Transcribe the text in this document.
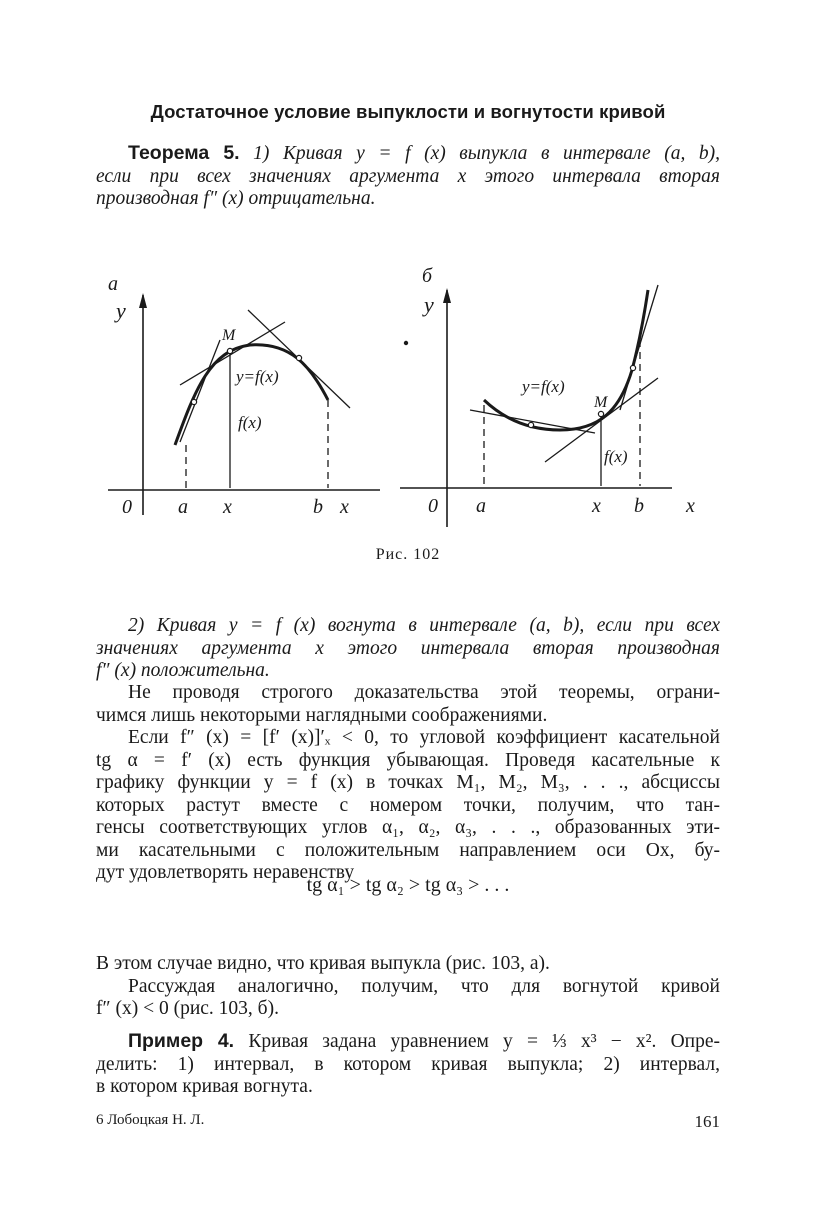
Достаточное условие выпуклости и вогнутости кривой
Теорема 5. 1) Кривая y = f (x) выпукла в интервале (a, b),
если при всех значениях аргумента x этого интервала вторая
производная f″ (x) отрицательна.
а
y
0 a x	b x
M
y=f(x)
f(x)
б
y
0 a	x b x
M
y=f(x)
f(x)
Рис. 102
2) Кривая y = f (x) вогнута в интервале (a, b), если при всех
значениях аргумента x этого интервала вторая производная
f″ (x) положительна.
Не проводя строгого доказательства этой теоремы, ограни-
чимся лишь некоторыми наглядными соображениями.
Если f″ (x) = [f′ (x)]′ₓ < 0, то угловой коэффициент касательной
tg α = f′ (x) есть функция убывающая. Проведя касательные к
графику функции y = f (x) в точках M₁, M₂, M₃, . . ., абсциссы
которых растут вместе с номером точки, получим, что тан-
генсы соответствующих углов α₁, α₂, α₃, . . ., образованных эти-
ми касательными с положительным направлением оси Ox, бу-
дут удовлетворять неравенству
tg α₁ > tg α₂ > tg α₃ > . . .
В этом случае видно, что кривая выпукла (рис. 103, а).
Рассуждая аналогично, получим, что для вогнутой кривой
f″ (x) < 0 (рис. 103, б).
Пример 4. Кривая задана уравнением y = ⅓ x³ − x². Опре-
делить: 1) интервал, в котором кривая выпукла; 2) интервал,
в котором кривая вогнута.
6 Лобоцкая Н. Л.	161
